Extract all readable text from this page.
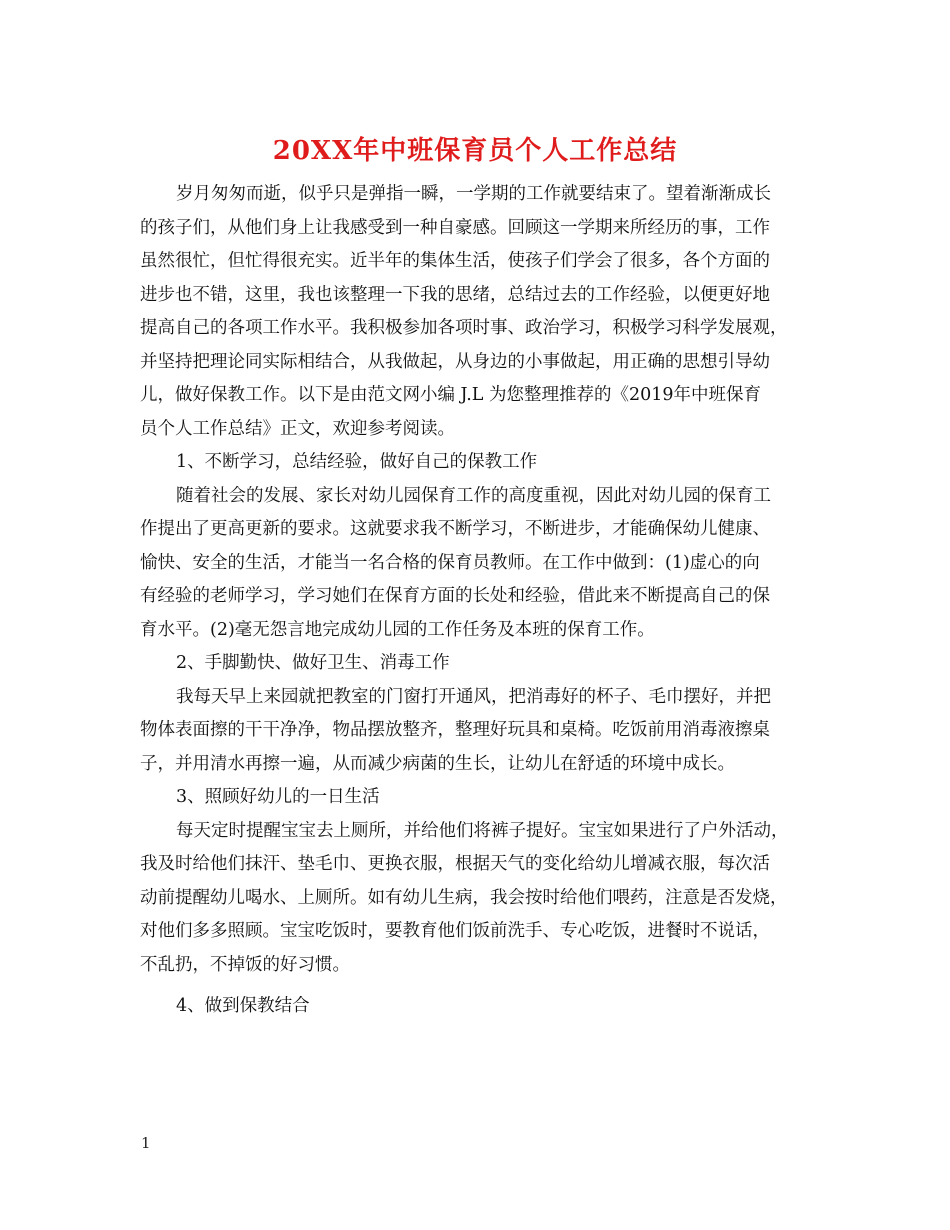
20XX年中班保育员个人工作总结
岁月匆匆而逝，似乎只是弹指一瞬，一学期的工作就要结束了。望着渐渐成长
的孩子们，从他们身上让我感受到一种自豪感。回顾这一学期来所经历的事，工作
虽然很忙，但忙得很充实。近半年的集体生活，使孩子们学会了很多，各个方面的
进步也不错，这里，我也该整理一下我的思绪，总结过去的工作经验，以便更好地
提高自己的各项工作水平。我积极参加各项时事、政治学习，积极学习科学发展观，
并坚持把理论同实际相结合，从我做起，从身边的小事做起，用正确的思想引导幼
儿，做好保教工作。以下是由范文网小编 J.L 为您整理推荐的《2019年中班保育
员个人工作总结》正文，欢迎参考阅读。
1、不断学习，总结经验，做好自己的保教工作
随着社会的发展、家长对幼儿园保育工作的高度重视，因此对幼儿园的保育工
作提出了更高更新的要求。这就要求我不断学习，不断进步，才能确保幼儿健康、
愉快、安全的生活，才能当一名合格的保育员教师。在工作中做到：(1)虚心的向
有经验的老师学习，学习她们在保育方面的长处和经验，借此来不断提高自己的保
育水平。(2)毫无怨言地完成幼儿园的工作任务及本班的保育工作。
2、手脚勤快、做好卫生、消毒工作
我每天早上来园就把教室的门窗打开通风，把消毒好的杯子、毛巾摆好，并把
物体表面擦的干干净净，物品摆放整齐，整理好玩具和桌椅。吃饭前用消毒液擦桌
子，并用清水再擦一遍，从而减少病菌的生长，让幼儿在舒适的环境中成长。
3、照顾好幼儿的一日生活
每天定时提醒宝宝去上厕所，并给他们将裤子提好。宝宝如果进行了户外活动，
我及时给他们抹汗、垫毛巾、更换衣服，根据天气的变化给幼儿增减衣服，每次活
动前提醒幼儿喝水、上厕所。如有幼儿生病，我会按时给他们喂药，注意是否发烧，
对他们多多照顾。宝宝吃饭时，要教育他们饭前洗手、专心吃饭，进餐时不说话，
不乱扔，不掉饭的好习惯。
4、做到保教结合
1
